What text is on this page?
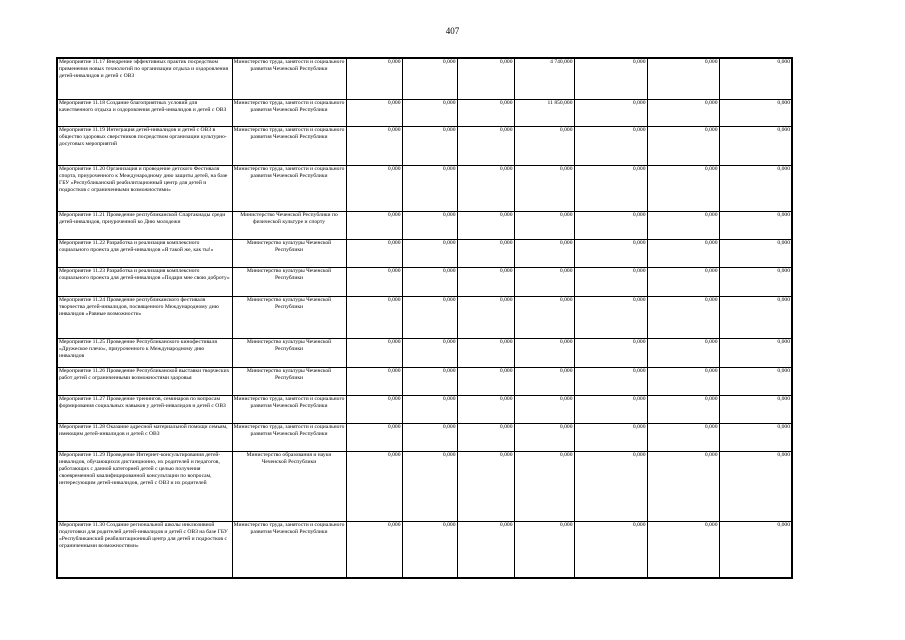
407
Мероприятие 11.17 Внедрение эффективных практик посредством применения новых технологий по организации отдыха и оздоровления детей-инвалидов и детей с ОВЗ	Министерство труда, занятости и социального развития Чеченской Республики	0,000	0,000	0,000	4 740,000	0,000	0,000	0,000
Мероприятие 11.18 Создание благоприятных условий для качественного отдыха и оздоровления детей-инвалидов и детей с ОВЗ	Министерство труда, занятости и социального развития Чеченской Республики	0,000	0,000	0,000	11 850,000	0,000	0,000	0,000
Мероприятие 11.19 Интеграция детей-инвалидов и детей с ОВЗ в общество здоровых сверстников посредством организации культурно-досуговых мероприятий	Министерство труда, занятости и социального развития Чеченской Республики	0,000	0,000	0,000	0,000	0,000	0,000	0,000
Мероприятие 11.20 Организация и проведение детского Фестиваля спорта, приуроченного к Международному дню защиты детей, на базе ГБУ «Республиканский реабилитационный центр для детей и подростков с ограниченными возможностями»	Министерство труда, занятости и социального развития Чеченской Республики	0,000	0,000	0,000	0,000	0,000	0,000	0,000
Мероприятие 11.21 Проведение республиканской Спартакиады среди детей-инвалидов, приуроченной ко Дню молодежи	Министерство Чеченской Республики по физической культуре и спорту	0,000	0,000	0,000	0,000	0,000	0,000	0,000
Мероприятие 11.22 Разработка и реализация комплексного социального проекта для детей-инвалидов «Я такой же, как ты!»	Министерство культуры Чеченской Республики	0,000	0,000	0,000	0,000	0,000	0,000	0,000
Мероприятие 11.23 Разработка и реализация комплексного социального проекта для детей-инвалидов «Подари мне свою доброту»	Министерство культуры Чеченской Республики	0,000	0,000	0,000	0,000	0,000	0,000	0,000
Мероприятие 11.24 Проведение республиканского фестиваля творчества детей-инвалидов, посвященного Международному дню инвалидов «Равные возможности»	Министерство культуры Чеченской Республики	0,000	0,000	0,000	0,000	0,000	0,000	0,000
Мероприятие 11.25 Проведение Республиканского кинофестиваля «Дружеское плечо», приуроченного к Международному дню инвалидов	Министерство культуры Чеченской Республики	0,000	0,000	0,000	0,000	0,000	0,000	0,000
Мероприятие 11.26 Проведение Республиканской выставки творческих работ детей с ограниченными возможностями здоровья	Министерство культуры Чеченской Республики	0,000	0,000	0,000	0,000	0,000	0,000	0,000
Мероприятие 11.27 Проведение тренингов, семинаров по вопросам формирования социальных навыков у детей-инвалидов и детей с ОВЗ	Министерство труда, занятости и социального развития Чеченской Республики	0,000	0,000	0,000	0,000	0,000	0,000	0,000
Мероприятие 11.28 Оказание адресной материальной помощи семьям, имеющим детей-инвалидов и детей с ОВЗ	Министерство труда, занятости и социального развития Чеченской Республики	0,000	0,000	0,000	0,000	0,000	0,000	0,000
Мероприятие 11.29 Проведение Интернет-консультирования детей-инвалидов, обучающихся дистанционно, их родителей и педагогов, работающих с данной категорией детей с целью получения своевременной квалифицированной консультации по вопросам, интересующим детей-инвалидов, детей с ОВЗ и их родителей	Министерство образования и науки Чеченской Республики	0,000	0,000	0,000	0,000	0,000	0,000	0,000
Мероприятие 11.30 Создание региональной школы инклюзивной подготовки для родителей детей-инвалидов и детей с ОВЗ на базе ГБУ «Республиканский реабилитационный центр для детей и подростков с ограниченными возможностями»	Министерство труда, занятости и социального развития Чеченской Республики	0,000	0,000	0,000	0,000	0,000	0,000	0,000
